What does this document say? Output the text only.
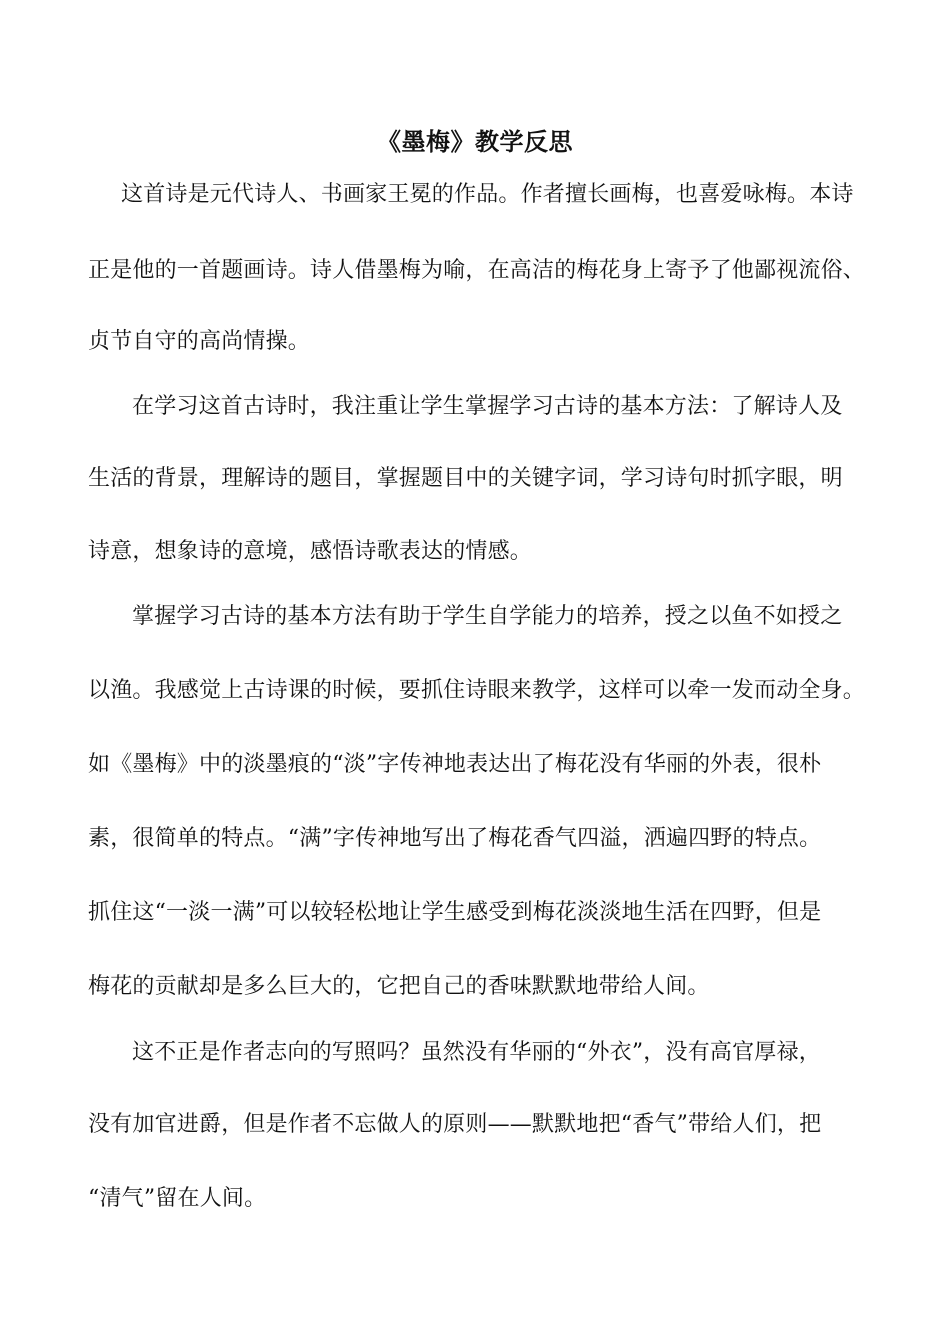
《墨梅》教学反思
这首诗是元代诗人、书画家王冕的作品。作者擅长画梅，也喜爱咏梅。本诗
正是他的一首题画诗。诗人借墨梅为喻，在高洁的梅花身上寄予了他鄙视流俗、
贞节自守的高尚情操。
在学习这首古诗时，我注重让学生掌握学习古诗的基本方法：了解诗人及
生活的背景，理解诗的题目，掌握题目中的关键字词，学习诗句时抓字眼，明
诗意，想象诗的意境，感悟诗歌表达的情感。
掌握学习古诗的基本方法有助于学生自学能力的培养，授之以鱼不如授之
以渔。我感觉上古诗课的时候，要抓住诗眼来教学，这样可以牵一发而动全身。
如《墨梅》中的淡墨痕的“淡”字传神地表达出了梅花没有华丽的外表，很朴
素，很简单的特点。“满”字传神地写出了梅花香气四溢，洒遍四野的特点。
抓住这“一淡一满”可以较轻松地让学生感受到梅花淡淡地生活在四野，但是
梅花的贡献却是多么巨大的，它把自己的香味默默地带给人间。
这不正是作者志向的写照吗？虽然没有华丽的“外衣”，没有高官厚禄，
没有加官进爵，但是作者不忘做人的原则——默默地把“香气”带给人们，把
“清气”留在人间。
